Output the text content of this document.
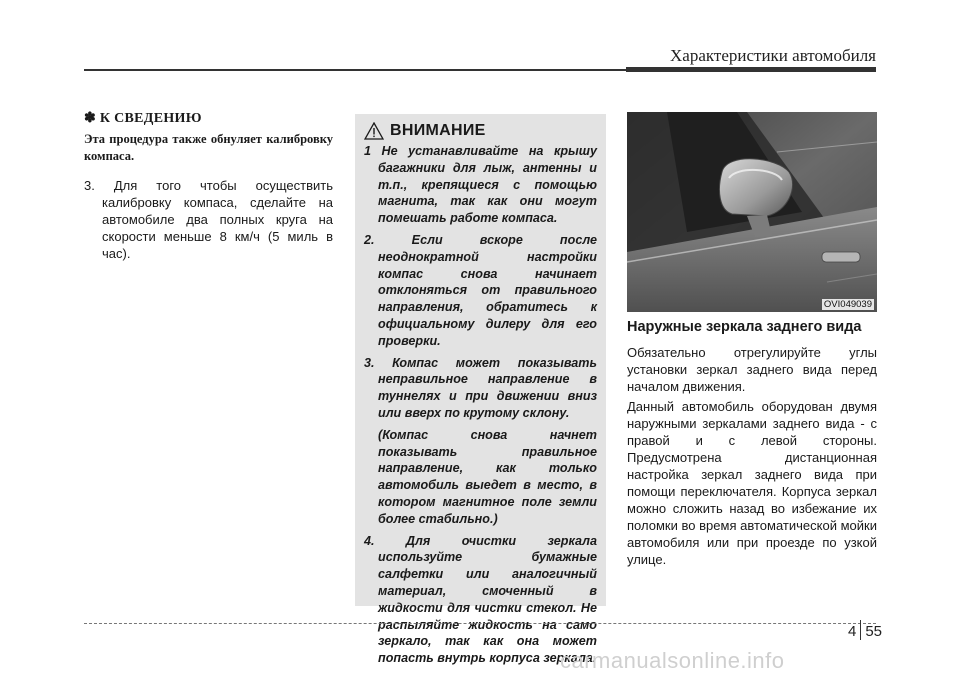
Характеристики автомобиля
✽ К СВЕДЕНИЮ

Эта процедура также обнуляет калибровку компаса.

3. Для того чтобы осуществить калибровку компаса, сделайте на автомобиле два полных круга на скорости меньше 8 км/ч (5 миль в час).

ВНИМАНИЕ

1 Не устанавливайте на крышу багажники для лыж, антенны и т.п., крепящиеся с помощью магнита, так как они могут помешать работе компаса.

2. Если вскоре после неоднократной настройки компас снова начинает отклоняться от правильного направления, обратитесь к официальному дилеру для его проверки.

3. Компас может показывать неправильное направление в туннелях и при движении вниз или вверх по крутому склону.

(Компас снова начнет показывать правильное направление, как только автомобиль выедет в место, в котором магнитное поле земли более стабильно.)

4. Для очистки зеркала используйте бумажные салфетки или аналогичный материал, смоченный в жидкости для чистки стекол. Не распыляйте жидкость на само зеркало, так как она может попасть внутрь корпуса зеркала.

OVI049039
Наружные зеркала заднего вида

Обязательно отрегулируйте углы установки зеркал заднего вида перед началом движения.

Данный автомобиль оборудован двумя наружными зеркалами заднего вида - с правой и с левой стороны. Предусмотрена дистанционная настройка зеркал заднего вида при помощи переключателя. Корпуса зеркал можно сложить назад во избежание их поломки во время автоматической мойки автомобиля или при проезде по узкой улице.

4 55
carmanualsonline.info
